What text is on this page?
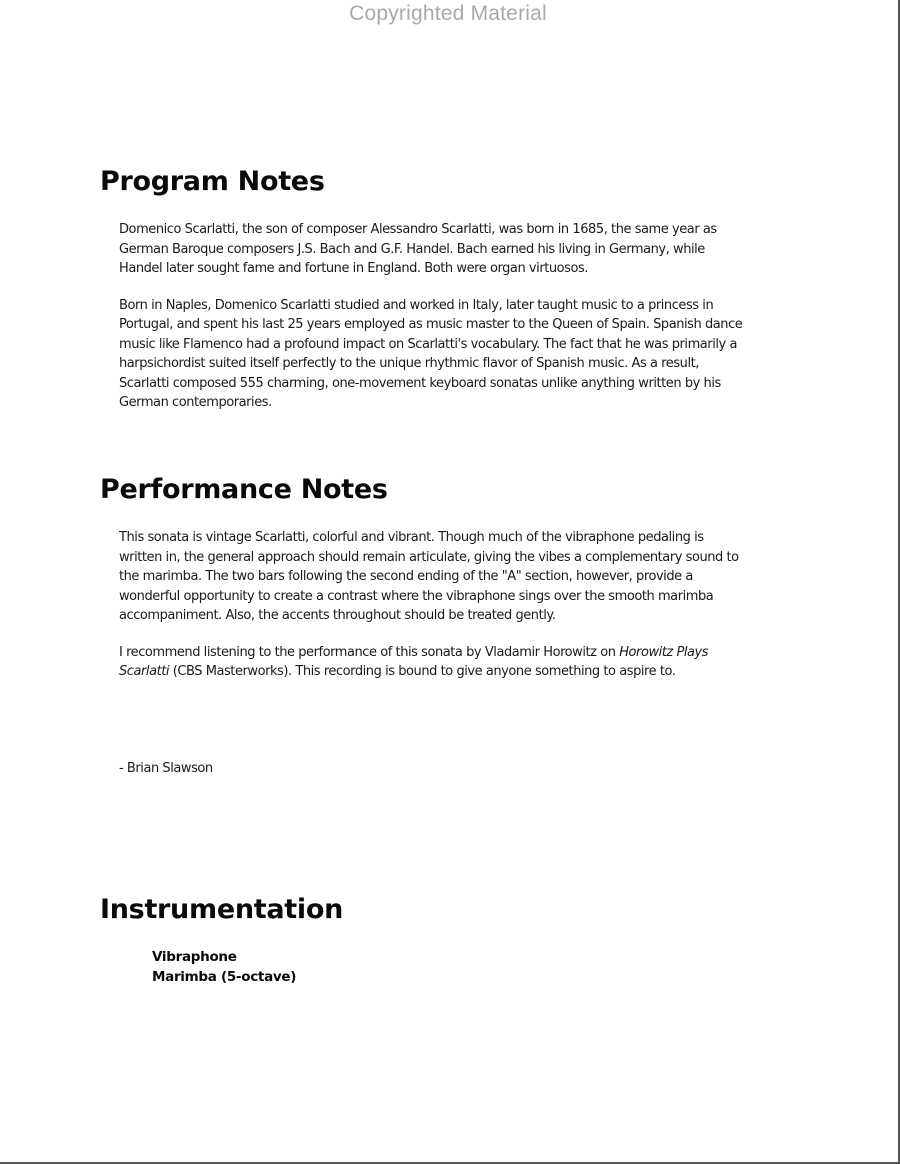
Copyrighted Material
Program Notes

Domenico Scarlatti, the son of composer Alessandro Scarlatti, was born in 1685, the same year as German Baroque composers J.S. Bach and G.F. Handel. Bach earned his living in Germany, while Handel later sought fame and fortune in England. Both were organ virtuosos.

Born in Naples, Domenico Scarlatti studied and worked in Italy, later taught music to a princess in Portugal, and spent his last 25 years employed as music master to the Queen of Spain. Spanish dance music like Flamenco had a profound impact on Scarlatti's vocabulary. The fact that he was primarily a harpsichordist suited itself perfectly to the unique rhythmic flavor of Spanish music. As a result, Scarlatti composed 555 charming, one-movement keyboard sonatas unlike anything written by his German contemporaries.

Performance Notes

This sonata is vintage Scarlatti, colorful and vibrant. Though much of the vibraphone pedaling is written in, the general approach should remain articulate, giving the vibes a complementary sound to the marimba. The two bars following the second ending of the "A" section, however, provide a wonderful opportunity to create a contrast where the vibraphone sings over the smooth marimba accompaniment. Also, the accents throughout should be treated gently.

I recommend listening to the performance of this sonata by Vladamir Horowitz on Horowitz Plays Scarlatti (CBS Masterworks). This recording is bound to give anyone something to aspire to.

- Brian Slawson
Instrumentation
Vibraphone
Marimba (5-octave)
